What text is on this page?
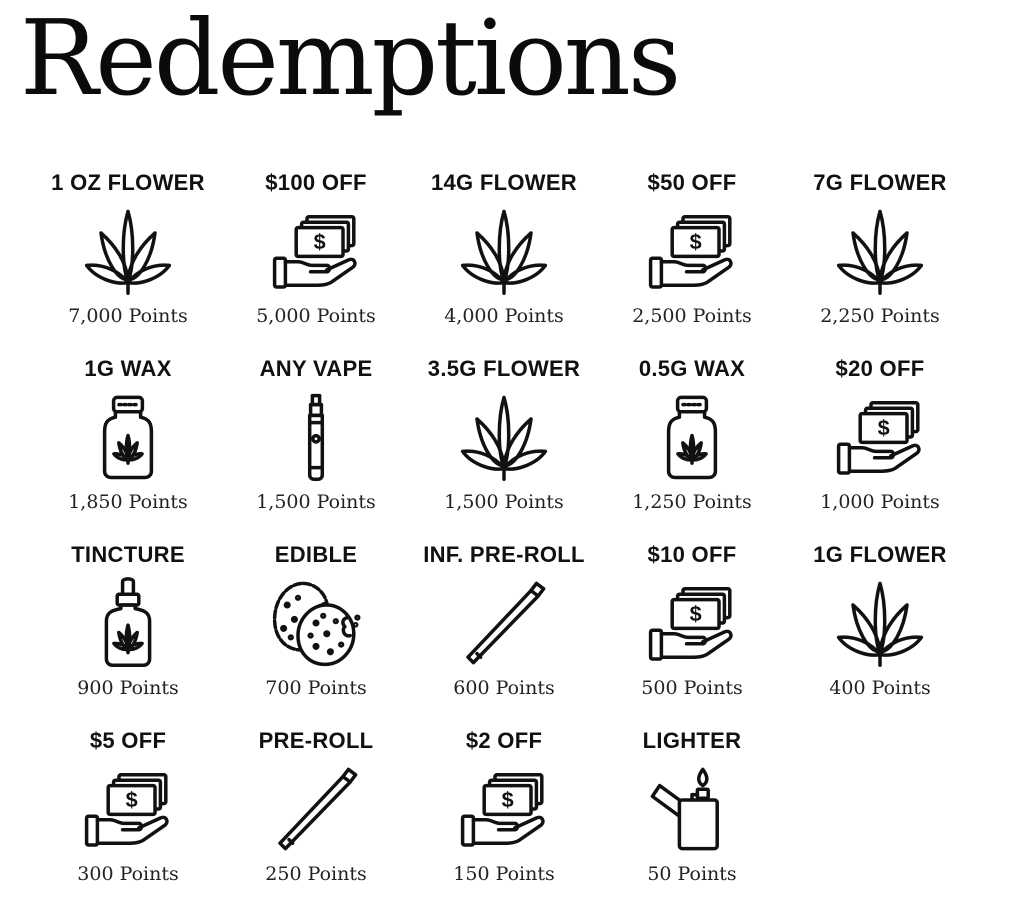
Redemptions
1 OZ FLOWER
7,000 Points
$100 OFF
$
5,000 Points
14G FLOWER
4,000 Points
$50 OFF
$
2,500 Points
7G FLOWER
2,250 Points
1G WAX
1,850 Points
ANY VAPE
1,500 Points
3.5G FLOWER
1,500 Points
0.5G WAX
1,250 Points
$20 OFF
$
1,000 Points
TINCTURE
900 Points
EDIBLE
700 Points
INF. PRE-ROLL
600 Points
$10 OFF
$
500 Points
1G FLOWER
400 Points
$5 OFF
$
300 Points
PRE-ROLL
250 Points
$2 OFF
$
150 Points
LIGHTER
50 Points
